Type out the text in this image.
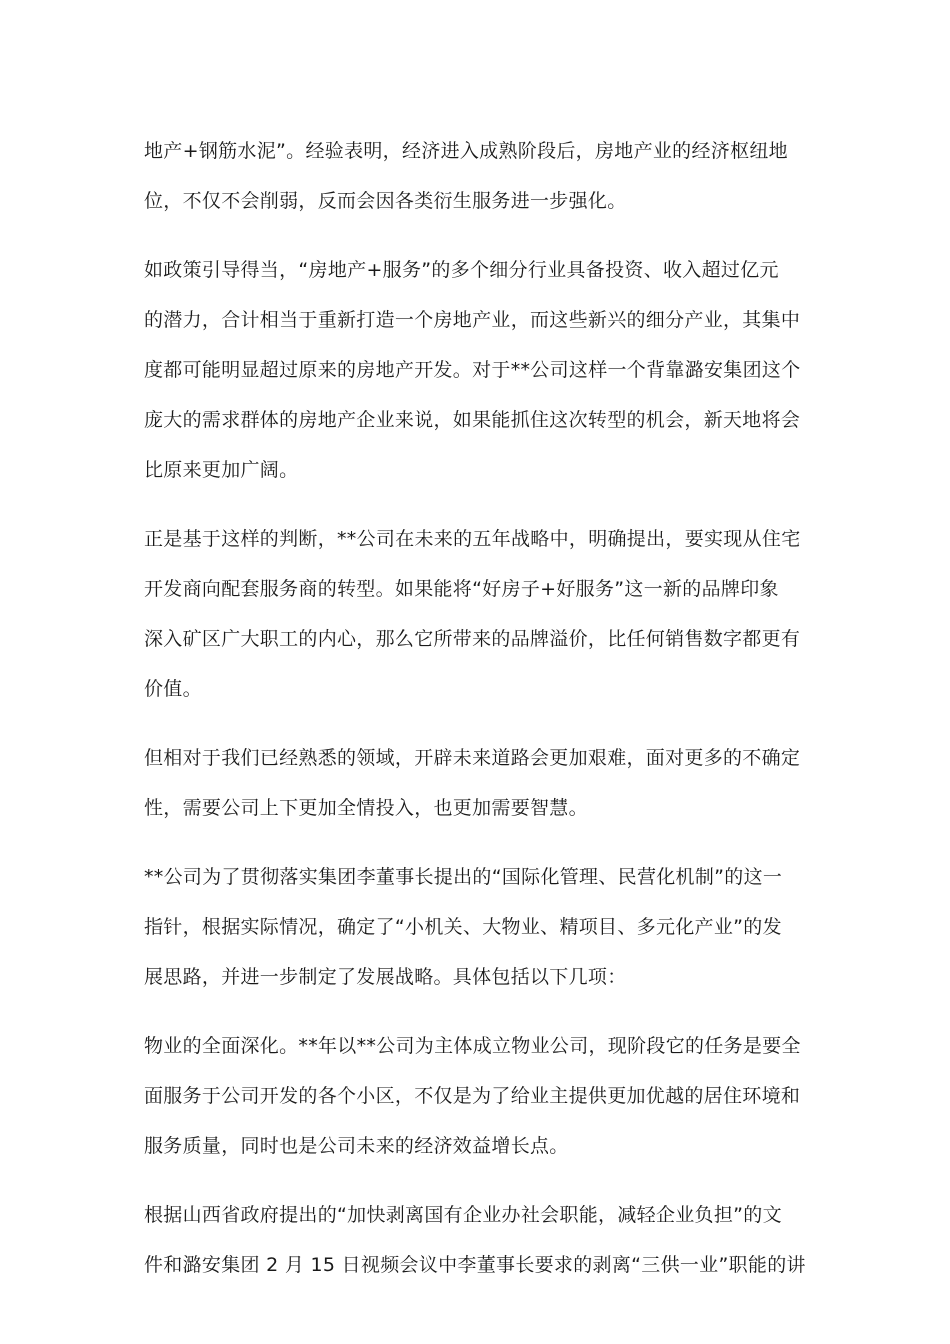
地产+钢筋水泥”。经验表明，经济进入成熟阶段后，房地产业的经济枢纽地
位，不仅不会削弱，反而会因各类衍生服务进一步强化。

如政策引导得当，“房地产+服务”的多个细分行业具备投资、收入超过亿元
的潜力，合计相当于重新打造一个房地产业，而这些新兴的细分产业，其集中
度都可能明显超过原来的房地产开发。对于**公司这样一个背靠潞安集团这个
庞大的需求群体的房地产企业来说，如果能抓住这次转型的机会，新天地将会
比原来更加广阔。

正是基于这样的判断，**公司在未来的五年战略中，明确提出，要实现从住宅
开发商向配套服务商的转型。如果能将“好房子+好服务”这一新的品牌印象
深入矿区广大职工的内心，那么它所带来的品牌溢价，比任何销售数字都更有
价值。

但相对于我们已经熟悉的领域，开辟未来道路会更加艰难，面对更多的不确定
性，需要公司上下更加全情投入，也更加需要智慧。

**公司为了贯彻落实集团李董事长提出的“国际化管理、民营化机制”的这一
指针，根据实际情况，确定了“小机关、大物业、精项目、多元化产业”的发
展思路，并进一步制定了发展战略。具体包括以下几项：

物业的全面深化。**年以**公司为主体成立物业公司，现阶段它的任务是要全
面服务于公司开发的各个小区，不仅是为了给业主提供更加优越的居住环境和
服务质量，同时也是公司未来的经济效益增长点。

根据山西省政府提出的“加快剥离国有企业办社会职能，减轻企业负担”的文
件和潞安集团 2 月 15 日视频会议中李董事长要求的剥离“三供一业”职能的讲
